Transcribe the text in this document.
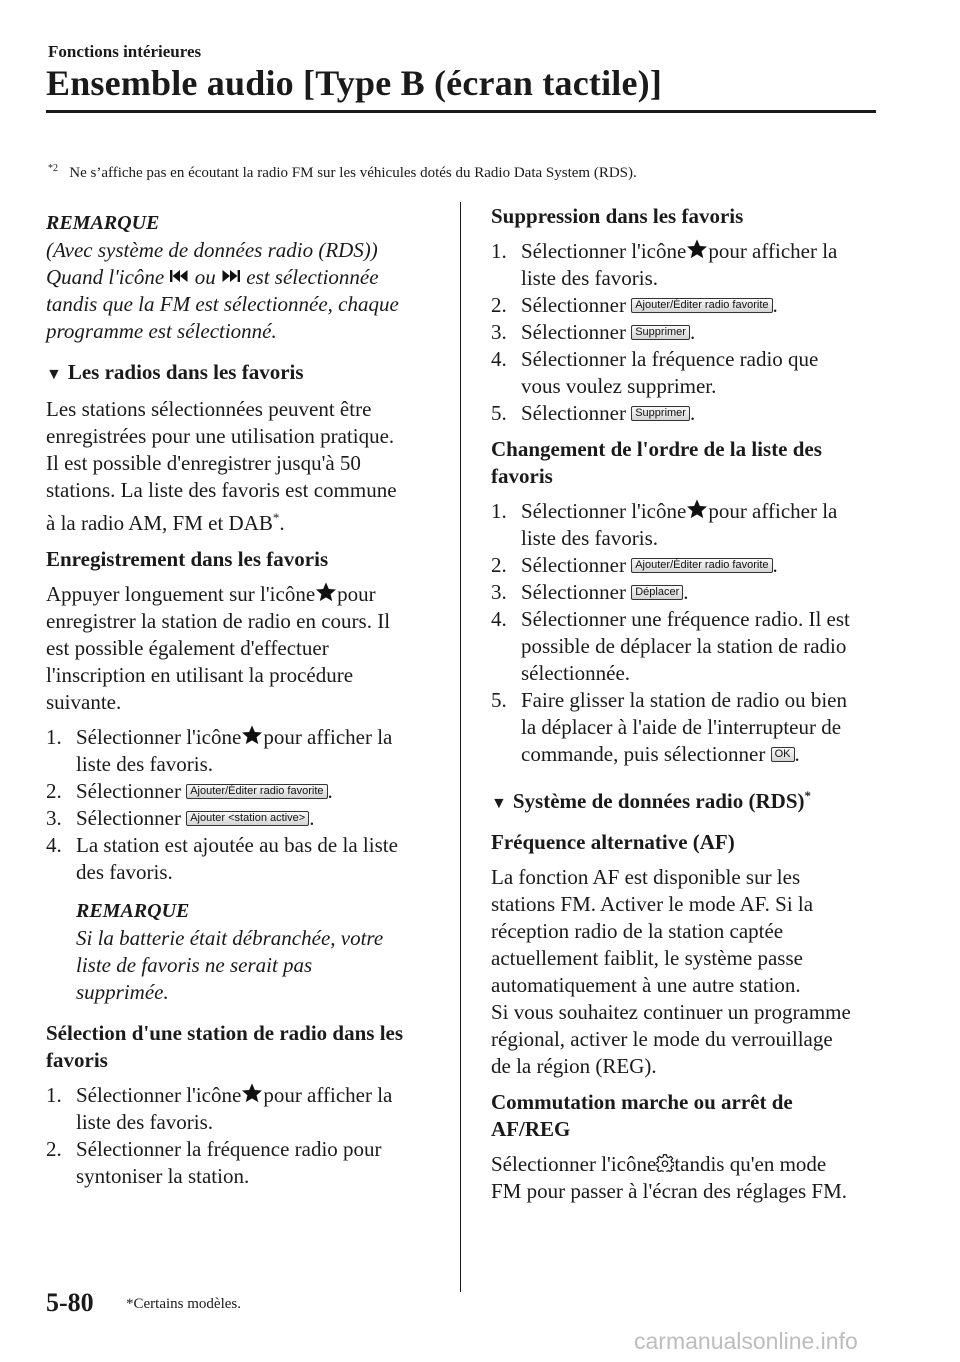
Fonctions intérieures
Ensemble audio [Type B (écran tactile)]
$^{*2}$ Ne s’affiche pas en écoutant la radio FM sur les véhicules dotés du Radio Data System (RDS).

REMARQUE

(Avec système de données radio (RDS))
Quand l'icône ou est sélectionnée
tandis que la FM est sélectionnée, chaque
programme est sélectionné.
▼ Les radios dans les favoris
Les stations sélectionnées peuvent être
enregistrées pour une utilisation pratique.
Il est possible d'enregistrer jusqu'à 50
stations. La liste des favoris est commune
à la radio AM, FM et DAB*.
Enregistrement dans les favoris
Appuyer longuement sur l'icône pour
enregistrer la station de radio en cours. Il
est possible également d'effectuer
l'inscription en utilisant la procédure
suivante.
1. Sélectionner l'icône pour afficher la
liste des favoris.
2. Sélectionner Ajouter/Éditer radio favorite .
3. Sélectionner Ajouter <station active> .
4. La station est ajoutée au bas de la liste
des favoris.

REMARQUE

Si la batterie était débranchée, votre
liste de favoris ne serait pas
supprimée.
Sélection d'une station de radio dans les
favoris
1. Sélectionner l'icône pour afficher la
liste des favoris.
2. Sélectionner la fréquence radio pour
syntoniser la station.
Suppression dans les favoris
1. Sélectionner l'icône pour afficher la
liste des favoris.
2. Sélectionner Ajouter/Éditer radio favorite .
3. Sélectionner Supprimer .
4. Sélectionner la fréquence radio que
vous voulez supprimer.
5. Sélectionner Supprimer .
Changement de l'ordre de la liste des
favoris
1. Sélectionner l'icône pour afficher la
liste des favoris.
2. Sélectionner Ajouter/Éditer radio favorite .
3. Sélectionner Déplacer .
4. Sélectionner une fréquence radio. Il est
possible de déplacer la station de radio
sélectionnée.
5. Faire glisser la station de radio ou bien
la déplacer à l'aide de l'interrupteur de
commande, puis sélectionner OK .
▼ Système de données radio (RDS)*
Fréquence alternative (AF)
La fonction AF est disponible sur les
stations FM. Activer le mode AF. Si la
réception radio de la station captée
actuellement faiblit, le système passe
automatiquement à une autre station.
Si vous souhaitez continuer un programme
régional, activer le mode du verrouillage
de la région (REG).
Commutation marche ou arrêt de
AF/REG
Sélectionner l'icône tandis qu'en mode
FM pour passer à l'écran des réglages FM.
5-80 *Certains modèles.
carmanualsonline.info
